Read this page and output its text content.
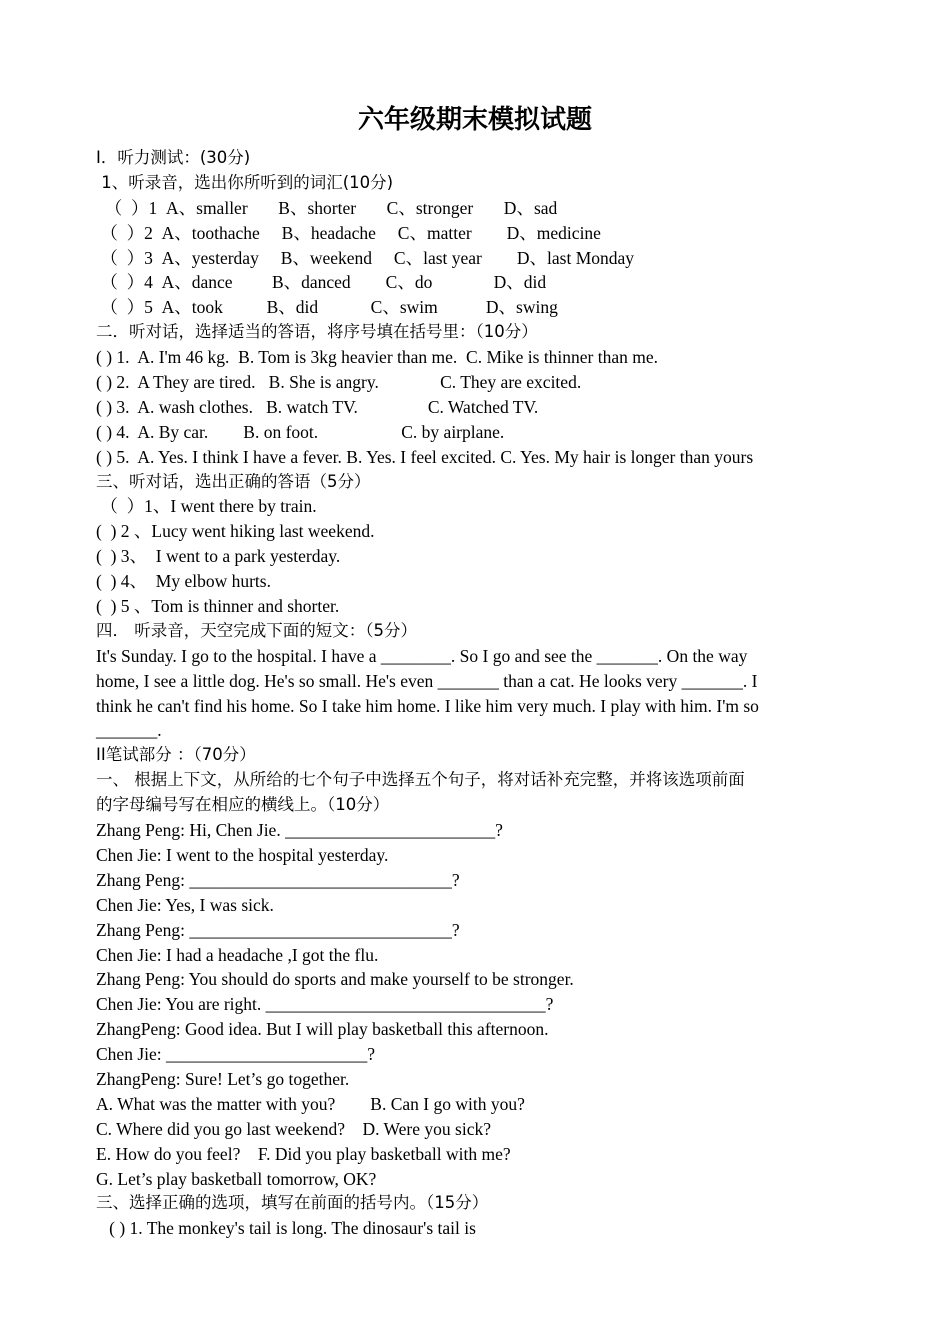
六年级期末模拟试题
I．听力测试：(30分)
1、听录音，选出你所听到的词汇(10分)
（  ）1  A、smaller       B、shorter       C、stronger       D、sad
（  ）2  A、toothache     B、headache     C、matter        D、medicine
（  ）3  A、yesterday     B、weekend     C、last year        D、last Monday
（  ）4  A、dance         B、danced        C、do              D、did
（  ）5  A、took          B、did            C、swim           D、swing
二．听对话，选择适当的答语，将序号填在括号里：（10分）
( ) 1.  A. I'm 46 kg.  B. Tom is 3kg heavier than me.  C. Mike is thinner than me.
( ) 2.  A They are tired.   B. She is angry.              C. They are excited.
( ) 3.  A. wash clothes.   B. watch TV.                C. Watched TV.
( ) 4.  A. By car.        B. on foot.                   C. by airplane.
( ) 5.  A. Yes. I think I have a fever. B. Yes. I feel excited. C. Yes. My hair is longer than yours
三、听对话，选出正确的答语（5分）
（  ）1、I went there by train.
(  ) 2 、Lucy went hiking last weekend.
(  ) 3、  I went to a park yesterday.
(  ) 4、  My elbow hurts.
(  ) 5 、Tom is thinner and shorter.
四． 听录音，天空完成下面的短文：（5分）
It's Sunday. I go to the hospital. I have a ________. So I go and see the _______. On the way
home, I see a little dog. He's so small. He's even _______ than a cat. He looks very _______. I
think he can't find his home. So I take him home. I like him very much. I play with him. I'm so
_______.
II笔试部分 ：（70分）
一、 根据上下文，从所给的七个句子中选择五个句子，将对话补充完整，并将该选项前面
的字母编号写在相应的横线上。（10分）
Zhang Peng: Hi, Chen Jie. ________________________?
Chen Jie: I went to the hospital yesterday.
Zhang Peng: ______________________________?
Chen Jie: Yes, I was sick.
Zhang Peng: ______________________________?
Chen Jie: I had a headache ,I got the flu.
Zhang Peng: You should do sports and make yourself to be stronger.
Chen Jie: You are right. ________________________________?
ZhangPeng: Good idea. But I will play basketball this afternoon.
Chen Jie: _______________________?
ZhangPeng: Sure! Let’s go together.
A. What was the matter with you?        B. Can I go with you?
C. Where did you go last weekend?    D. Were you sick?
E. How do you feel?    F. Did you play basketball with me?
G. Let’s play basketball tomorrow, OK?
三、选择正确的选项，填写在前面的括号内。（15分）
( ) 1. The monkey's tail is long. The dinosaur's tail is
